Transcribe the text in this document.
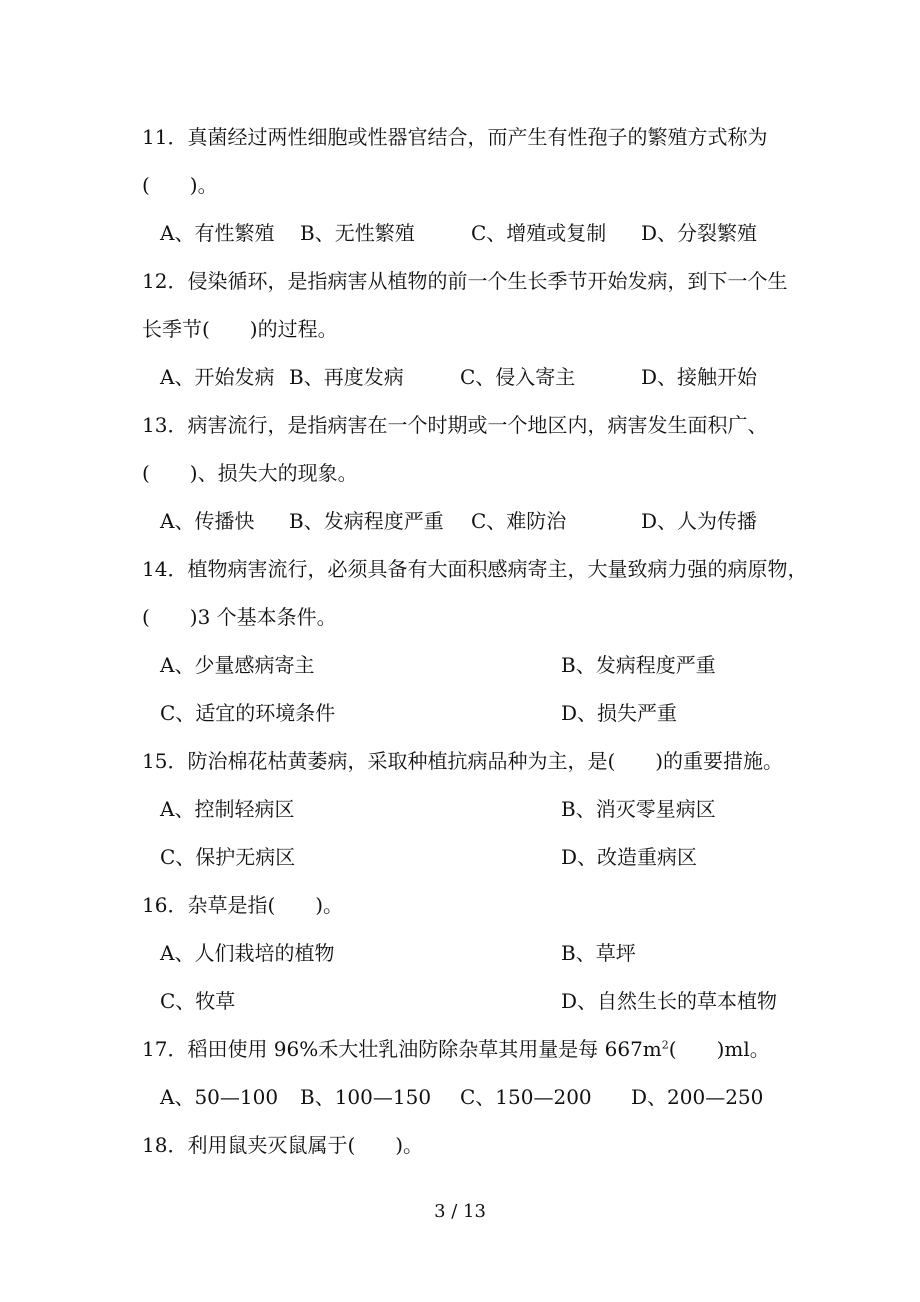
11．真菌经过两性细胞或性器官结合，而产生有性孢子的繁殖方式称为
(　　)。
A、有性繁殖 B、无性繁殖	C、增殖或复制 D、分裂繁殖
12．侵染循环，是指病害从植物的前一个生长季节开始发病，到下一个生
长季节(　　)的过程。
A、开始发病 B、再度发病	C、侵入寄主	D、接触开始
13．病害流行，是指病害在一个时期或一个地区内，病害发生面积广、
(　　)、损失大的现象。
A、传播快 B、发病程度严重 C、难防治	D、人为传播
14．植物病害流行，必须具备有大面积感病寄主，大量致病力强的病原物，
(　　)3 个基本条件。
A、少量感病寄主	B、发病程度严重
C、适宜的环境条件	D、损失严重
15．防治棉花枯黄萎病，采取种植抗病品种为主，是(　　)的重要措施。
A、控制轻病区	B、消灭零星病区
C、保护无病区	D、改造重病区
16．杂草是指(　　)。
A、人们栽培的植物	B、草坪
C、牧草	D、自然生长的草本植物
17．稻田使用 96%禾大壮乳油防除杂草其用量是每 $667m^2$(　　)ml。
A、50—100 B、100—150 C、150—200 D、200—250
18．利用鼠夹灭鼠属于(　　)。
3 / 13
